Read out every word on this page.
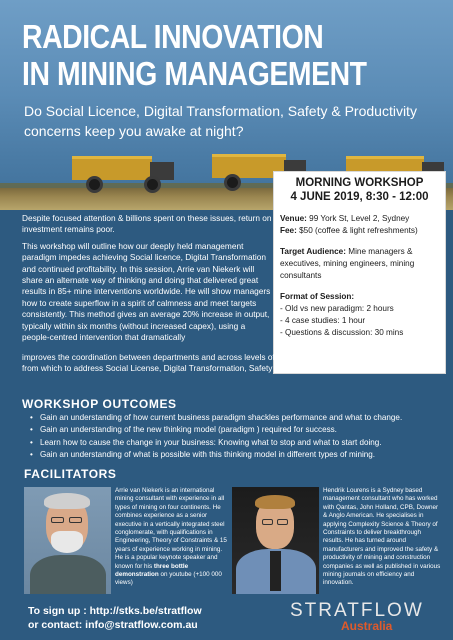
RADICAL INNOVATION
IN MINING MANAGEMENT
Do Social Licence, Digital Transformation, Safety & Productivity concerns keep you awake at night?
MORNING WORKSHOP
4 JUNE 2019, 8:30 - 12:00
Venue: 99 York St, Level 2, Sydney
Fee: $50 (coffee & light refreshments)
Target Audience: Mine managers & executives, mining engineers, mining consultants
Format of Session:
- Old vs new paradigm: 2 hours
- 4 case studies: 1 hour
- Questions & discussion: 30 mins

Despite focused attention & billions spent on these issues, return on investment remains poor.

This workshop will outline how our deeply held management paradigm impedes achieving Social licence, Digital Transformation and continued profitability. In this session, Arrie van Niekerk will share an alternate way of thinking and doing that delivered great results in 85+ mine interventions worldwide. He will show managers how to create superflow in a spirit of calmness and meet targets consistently. This method gives an average 20% increase in output, typically within six months (without increased capex), using a people-centred intervention that dramatically

improves the coordination between departments and across levels of the organisation. This creates the platform from which to address Social License, Digital Transformation, Safety & Profitability.
WORKSHOP OUTCOMES
• Gain an understanding of how current business paradigm shackles performance and what to change.
• Gain an understanding of the new thinking model (paradigm ) required for success.
• Learn how to cause the change in your business: Knowing what to stop and what to start doing.
• Gain an understanding of what is possible with this thinking model in different types of mining.
FACILITATORS
Arrie van Niekerk is an international mining consultant with experience in all types of mining on four continents. He combines experience as a senior executive in a vertically integrated steel conglomerate, with qualifications in Engineering, Theory of Constraints & 15 years of experience working in mining. He is a popular keynote speaker and known for his three bottle demonstration on youtube (+100 000 views)
Hendrik Lourens is a Sydney based management consultant who has worked with Qantas, John Holland, CPB, Downer & Anglo American. He specialises in applying Complexity Science & Theory of Constraints to deliver breakthrough results. He has turned around manufacturers and improved the safety & productivity of mining and construction companies as well as published in various mining journals on efficiency and innovation.
To sign up : http://stks.be/stratflow
or contact: info@stratflow.com.au
STRATFLOW
Australia
